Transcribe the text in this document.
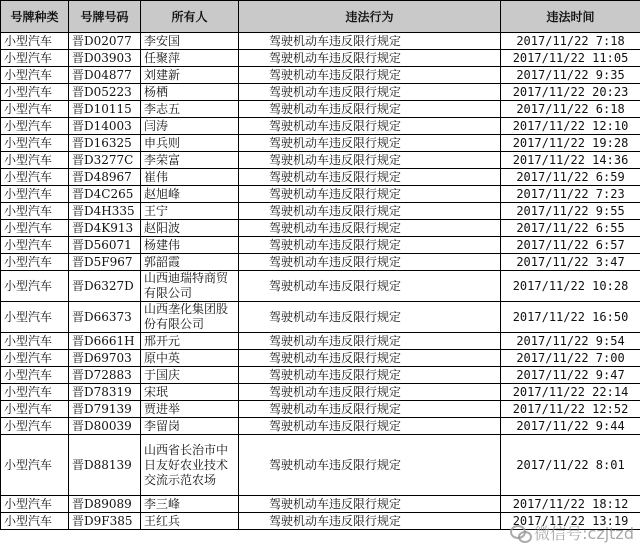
号牌种类	号牌号码	所有人	违法行为	违法时间
小型汽车	晋D02077	李安国	驾驶机动车违反限行规定	2017/11/22 7:18
小型汽车	晋D03903	任聚萍	驾驶机动车违反限行规定	2017/11/22 11:05
小型汽车	晋D04877	刘建新	驾驶机动车违反限行规定	2017/11/22 9:35
小型汽车	晋D05223	杨栖	驾驶机动车违反限行规定	2017/11/22 20:23
小型汽车	晋D10115	李志五	驾驶机动车违反限行规定	2017/11/22 6:18
小型汽车	晋D14003	闫涛	驾驶机动车违反限行规定	2017/11/22 12:10
小型汽车	晋D16325	申兵则	驾驶机动车违反限行规定	2017/11/22 19:28
小型汽车	晋D3277C	李荣富	驾驶机动车违反限行规定	2017/11/22 14:36
小型汽车	晋D48967	崔伟	驾驶机动车违反限行规定	2017/11/22 6:59
小型汽车	晋D4C265	赵旭峰	驾驶机动车违反限行规定	2017/11/22 7:23
小型汽车	晋D4H335	王宁	驾驶机动车违反限行规定	2017/11/22 9:55
小型汽车	晋D4K913	赵阳波	驾驶机动车违反限行规定	2017/11/22 6:55
小型汽车	晋D56071	杨建伟	驾驶机动车违反限行规定	2017/11/22 6:57
小型汽车	晋D5F967	郭韶霞	驾驶机动车违反限行规定	2017/11/22 3:47
小型汽车	晋D6327D	山西迪瑞特商贸有限公司	驾驶机动车违反限行规定	2017/11/22 10:28
小型汽车	晋D66373	山西垄化集团股份有限公司	驾驶机动车违反限行规定	2017/11/22 16:50
小型汽车	晋D6661H	邢开元	驾驶机动车违反限行规定	2017/11/22 9:54
小型汽车	晋D69703	原中英	驾驶机动车违反限行规定	2017/11/22 7:00
小型汽车	晋D72883	于国庆	驾驶机动车违反限行规定	2017/11/22 9:47
小型汽车	晋D78319	宋珉	驾驶机动车违反限行规定	2017/11/22 22:14
小型汽车	晋D79139	贾进举	驾驶机动车违反限行规定	2017/11/22 12:52
小型汽车	晋D80039	李留岗	驾驶机动车违反限行规定	2017/11/22 9:44
小型汽车	晋D88139	山西省长治市中日友好农业技术交流示范农场	驾驶机动车违反限行规定	2017/11/22 8:01
小型汽车	晋D89089	李三峰	驾驶机动车违反限行规定	2017/11/22 18:12
小型汽车	晋D9F385	王红兵	驾驶机动车违反限行规定	2017/11/22 13:19
微信号:czjtzd
